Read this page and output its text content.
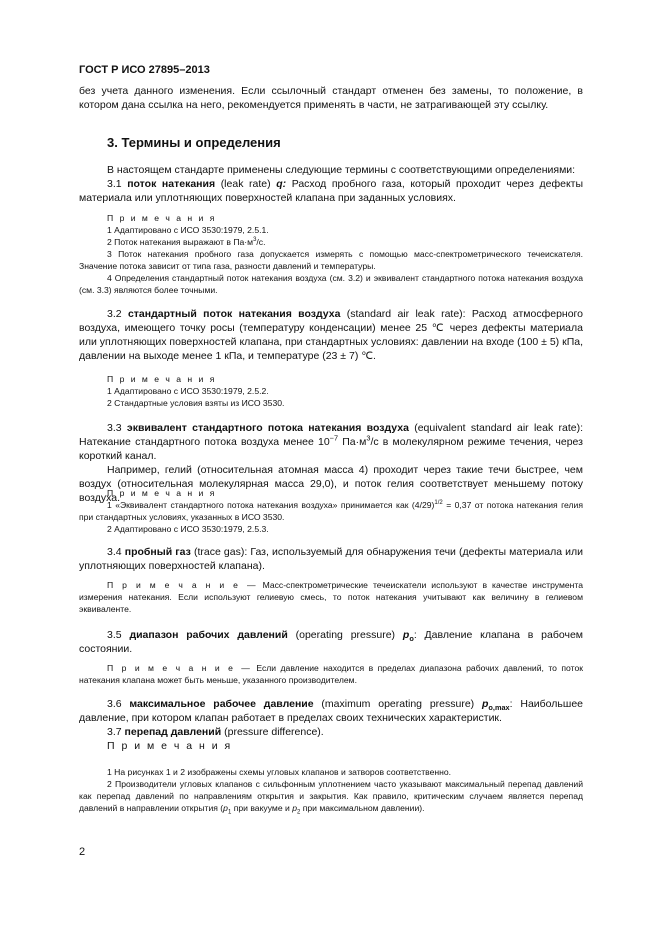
ГОСТ Р ИСО 27895–2013
без учета данного изменения. Если ссылочный стандарт отменен без замены, то положение, в котором дана ссылка на него, рекомендуется применять в части, не затрагивающей эту ссылку.
3. Термины и определения
В настоящем стандарте применены следующие термины с соответствующими определениями:
3.1 поток натекания (leak rate) q: Расход пробного газа, который проходит через дефекты материала или уплотняющих поверхностей клапана при заданных условиях.

П р и м е ч а н и я

1 Адаптировано с ИСО 3530:1979, 2.5.1.

2 Поток натекания выражают в $Па\cdot м^3/с$.

3 Поток натекания пробного газа допускается измерять с помощью масс-спектрометрического течеискателя. Значение потока зависит от типа газа, разности давлений и температуры.

4 Определения стандартный поток натекания воздуха (см. 3.2) и эквивалент стандартного потока натекания воздуха (см. 3.3) являются более точными.

3.2 стандартный поток натекания воздуха (standard air leak rate): Расход атмосферного воздуха, имеющего точку росы (температуру конденсации) менее 25 ℃ через дефекты материала или уплотняющих поверхностей клапана, при стандартных условиях: давлении на входе (100 ± 5) кПа, давлении на выходе менее 1 кПа, и температуре (23 ± 7) ℃.

П р и м е ч а н и я

1 Адаптировано с ИСО 3530:1979, 2.5.2.

2 Стандартные условия взяты из ИСО 3530.

3.3 эквивалент стандартного потока натекания воздуха (equivalent standard air leak rate): Натекание стандартного потока воздуха менее $10^{-7}$ $Па\cdot м^3/с$ в молекулярном режиме течения, через короткий канал.
Например, гелий (относительная атомная масса 4) проходит через такие течи быстрее, чем воздух (относительная молекулярная масса 29,0), и поток гелия соответствует меньшему потоку воздуха.

П р и м е ч а н и я

1 «Эквивалент стандартного потока натекания воздуха» принимается как $(4/29)^{1/2} = 0,37$ от потока натекания гелия при стандартных условиях, указанных в ИСО 3530.

2 Адаптировано с ИСО 3530:1979, 2.5.3.

3.4 пробный газ (trace gas): Газ, используемый для обнаружения течи (дефекты материала или уплотняющих поверхностей клапана).
П р и м е ч а н и е — Масс-спектрометрические течеискатели используют в качестве инструмента измерения натекания. Если используют гелиевую смесь, то поток натекания учитывают как величину в гелиевом эквиваленте.
3.5 диапазон рабочих давлений (operating pressure) $p_o$: Давление клапана в рабочем состоянии.
П р и м е ч а н и е — Если давление находится в пределах диапазона рабочих давлений, то поток натекания клапана может быть меньше, указанного производителем.
3.6 максимальное рабочее давление (maximum operating pressure) $p_{o,max}$: Наибольшее давление, при котором клапан работает в пределах своих технических характеристик.
3.7 перепад давлений (pressure difference).
П р и м е ч а н и я

1 На рисунках 1 и 2 изображены схемы угловых клапанов и затворов соответственно.

2 Производители угловых клапанов с сильфонным уплотнением часто указывают максимальный перепад давлений как перепад давлений по направлениям открытия и закрытия. Как правило, критическим случаем является перепад давлений в направлении открытия ($p_1$ при вакууме и $p_2$ при максимальном давлении).

2
